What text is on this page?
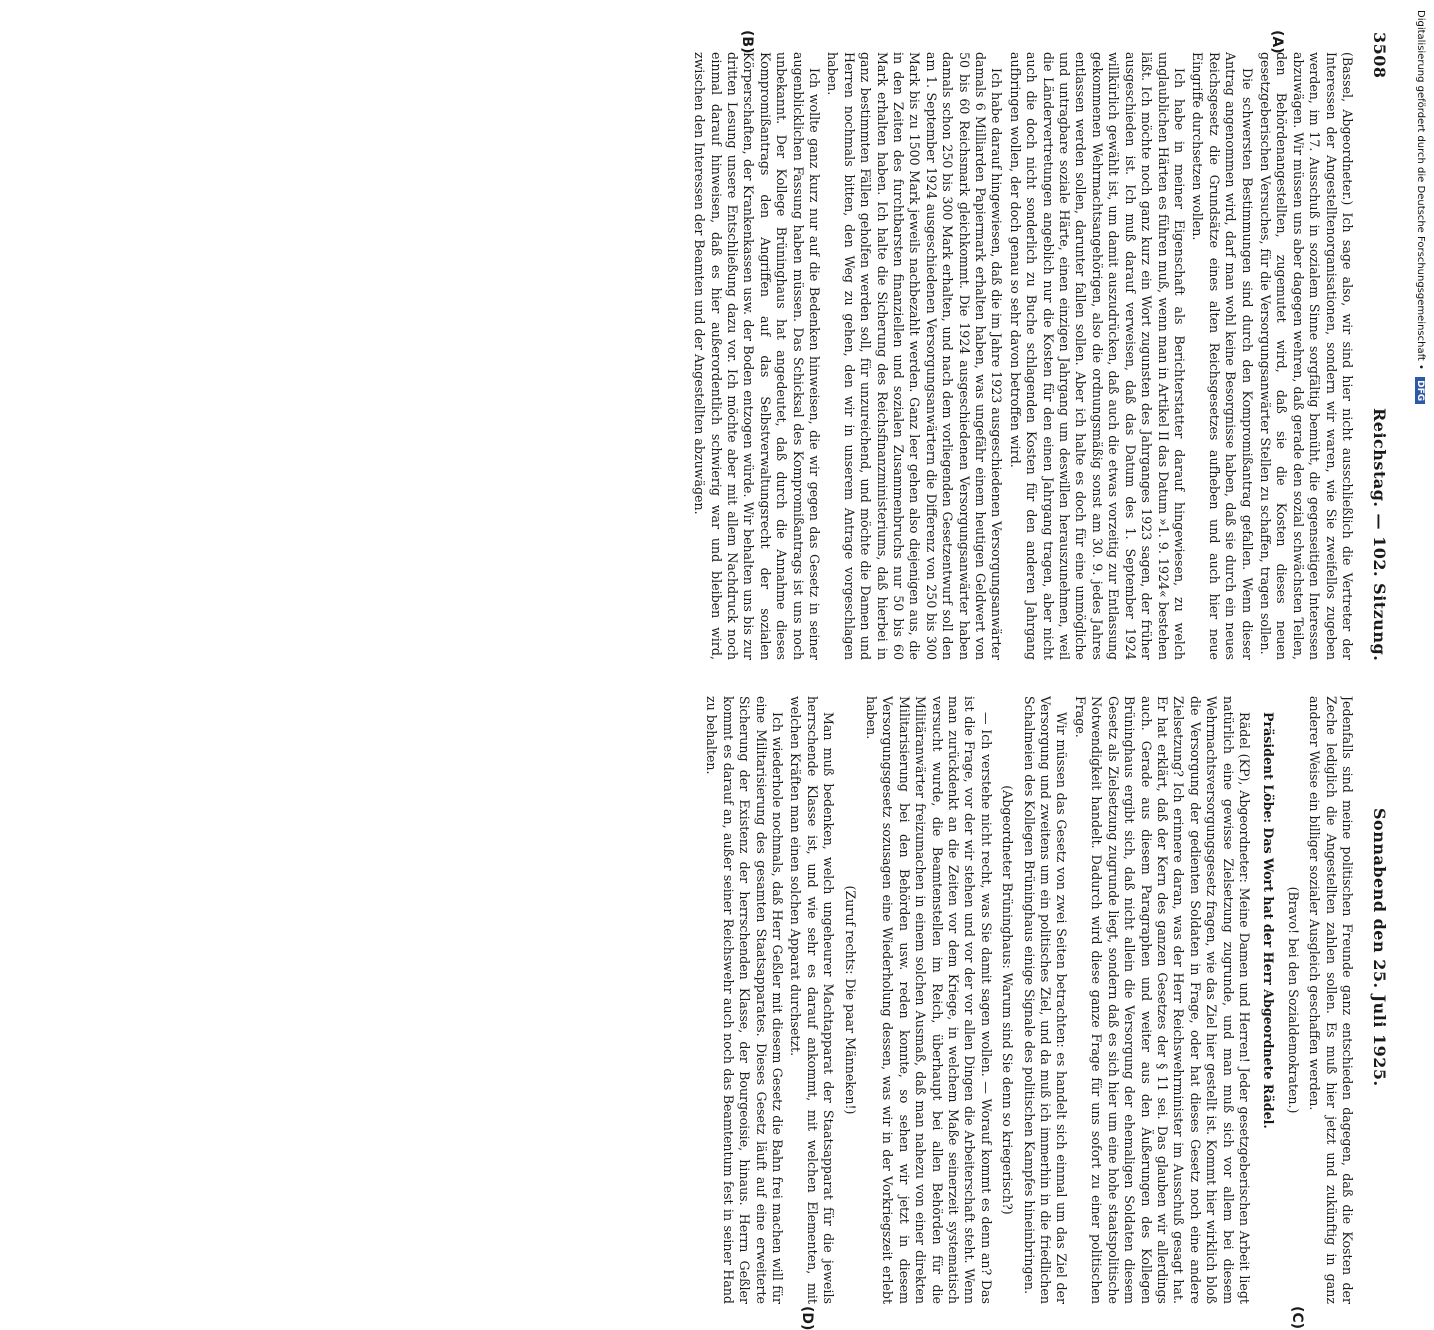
3508
Reichstag. — 102. Sitzung.
Sonnabend den 25. Juli 1925.
(A)
(B)
(C)
(D)

(Bassel, Abgeordneter.) Ich sage also, wir sind hier nicht ausschließlich die Vertreter der Interessen der Angestelltenorganisationen, sondern wir waren, wie Sie zweifellos zugeben werden, im 17. Ausschuß in sozialem Sinne sorgfältig bemüht, die gegenseitigen Interessen abzuwägen. Wir müssen uns aber dagegen wehren, daß gerade den sozial schwächsten Teilen, den Behördenangestellten, zugemutet wird, daß sie die Kosten dieses neuen gesetzgeberischen Versuches, für die Versorgungsanwärter Stellen zu schaffen, tragen sollen.

Die schwersten Bestimmungen sind durch den Kompromißantrag gefallen. Wenn dieser Antrag angenommen wird, darf man wohl keine Besorgnisse haben, daß sie durch ein neues Reichsgesetz die Grundsätze eines alten Reichsgesetzes aufheben und auch hier neue Eingriffe durchsetzen wollen.

Ich habe in meiner Eigenschaft als Berichterstatter darauf hingewiesen, zu welch unglaublichen Härten es führen muß, wenn man in Artikel II das Datum »1. 9. 1924« bestehen läßt. Ich möchte noch ganz kurz ein Wort zugunsten des Jahrganges 1923 sagen, der früher ausgeschieden ist. Ich muß darauf verweisen, daß das Datum des 1. September 1924 willkürlich gewählt ist, um damit auszudrücken, daß auch die etwas vorzeitig zur Entlassung gekommenen Wehrmachtsangehörigen, also die ordnungsmäßig sonst am 30. 9. jedes Jahres entlassen werden sollen, darunter fallen sollen. Aber ich halte es doch für eine unmögliche und untragbare soziale Härte, einen einzigen Jahrgang um deswillen herauszunehmen, weil die Ländervertretungen angeblich nur die Kosten für den einen Jahrgang tragen, aber nicht auch die doch nicht sonderlich zu Buche schlagenden Kosten für den anderen Jahrgang aufbringen wollen, der doch genau so sehr davon betroffen wird.

Ich habe darauf hingewiesen, daß die im Jahre 1923 ausgeschiedenen Versorgungsanwärter damals 6 Milliarden Papiermark erhalten haben, was ungefähr einem heutigen Geldwert von 50 bis 60 Reichsmark gleichkommt. Die 1924 ausgeschiedenen Versorgungsanwärter haben damals schon 250 bis 300 Mark erhalten, und nach dem vorliegenden Gesetzentwurf soll den am 1. September 1924 ausgeschiedenen Versorgungsanwärtern die Differenz von 250 bis 300 Mark bis zu 1500 Mark jeweils nachbezahlt werden. Ganz leer gehen also diejenigen aus, die in den Zeiten des furchtbarsten finanziellen und sozialen Zusammenbruchs nur 50 bis 60 Mark erhalten haben. Ich halte die Sicherung des Reichsfinanzministeriums, daß hierbei in ganz bestimmten Fällen geholfen werden soll, für unzureichend, und möchte die Damen und Herren nochmals bitten, den Weg zu gehen, den wir in unserem Antrage vorgeschlagen haben.

Ich wollte ganz kurz nur auf die Bedenken hinweisen, die wir gegen das Gesetz in seiner augenblicklichen Fassung haben müssen. Das Schicksal des Kompromißantrags ist uns noch unbekannt. Der Kollege Brüninghaus hat angedeutet, daß durch die Annahme dieses Kompromißantrags den Angriffen auf das Selbstverwaltungsrecht der sozialen Körperschaften, der Krankenkassen usw. der Boden entzogen würde. Wir behalten uns bis zur dritten Lesung unsere Entschließung dazu vor. Ich möchte aber mit allem Nachdruck noch einmal darauf hinweisen, daß es hier außerordentlich schwierig war und bleiben wird, zwischen den Interessen der Beamten und der Angestellten abzuwägen.

Jedenfalls sind meine politischen Freunde ganz entschieden dagegen, daß die Kosten der Zeche lediglich die Angestellten zahlen sollen. Es muß hier jetzt und zukünftig in ganz anderer Weise ein billiger sozialer Ausgleich geschaffen werden.

(Bravo! bei den Sozialdemokraten.)

Präsident Löbe: Das Wort hat der Herr Abgeordnete Rädel.

Rädel (KP), Abgeordneter: Meine Damen und Herren! Jeder gesetzgeberischen Arbeit liegt natürlich eine gewisse Zielsetzung zugrunde, und man muß sich vor allem bei diesem Wehrmachtsversorgungsgesetz fragen, wie das Ziel hier gestellt ist. Kommt hier wirklich bloß die Versorgung der gedienten Soldaten in Frage, oder hat dieses Gesetz noch eine andere Zielsetzung? Ich erinnere daran, was der Herr Reichswehrminister im Ausschuß gesagt hat. Er hat erklärt, daß der Kern des ganzen Gesetzes der § 11 sei. Das glauben wir allerdings auch. Gerade aus diesem Paragraphen und weiter aus den Äußerungen des Kollegen Brüninghaus ergibt sich, daß nicht allein die Versorgung der ehemaligen Soldaten diesem Gesetz als Zielsetzung zugrunde liegt, sondern daß es sich hier um eine hohe staatspolitische Notwendigkeit handelt. Dadurch wird diese ganze Frage für uns sofort zu einer politischen Frage.

Wir müssen das Gesetz von zwei Seiten betrachten: es handelt sich einmal um das Ziel der Versorgung und zweitens um ein politisches Ziel, und da muß ich immerhin in die friedlichen Schalmeien des Kollegen Brüninghaus einige Signale des politischen Kampfes hineinbringen.

(Abgeordneter Brüninghaus: Warum sind Sie denn so kriegerisch?)

— Ich verstehe nicht recht, was Sie damit sagen wollen. — Worauf kommt es denn an? Das ist die Frage, vor der wir stehen und vor der vor allen Dingen die Arbeiterschaft steht. Wenn man zurückdenkt an die Zeiten vor dem Kriege, in welchem Maße seinerzeit systematisch versucht wurde, die Beamtenstellen im Reich, überhaupt bei allen Behörden für die Militäranwärter freizumachen in einem solchen Ausmaß, daß man nahezu von einer direkten Militarisierung bei den Behörden usw. reden konnte, so sehen wir jetzt in diesem Versorgungsgesetz sozusagen eine Wiederholung dessen, was wir in der Vorkriegszeit erlebt haben.

(Zuruf rechts: Die paar Männeken!)

Man muß bedenken, welch ungeheurer Machtapparat der Staatsapparat für die jeweils herrschende Klasse ist, und wie sehr es darauf ankommt, mit welchen Elementen, mit welchen Kräften man einen solchen Apparat durchsetzt.

Ich wiederhole nochmals, daß Herr Geßler mit diesem Gesetz die Bahn frei machen will für eine Militarisierung des gesamten Staatsapparates. Dieses Gesetz läuft auf eine erweiterte Sicherung der Existenz der herrschenden Klasse, der Bourgeoisie, hinaus. Herrn Geßler kommt es darauf an, außer seiner Reichswehr auch noch das Beamtentum fest in seiner Hand zu behalten.

Digitalisierung gefördert durch die Deutsche Forschungsgemeinschaft • DFG
